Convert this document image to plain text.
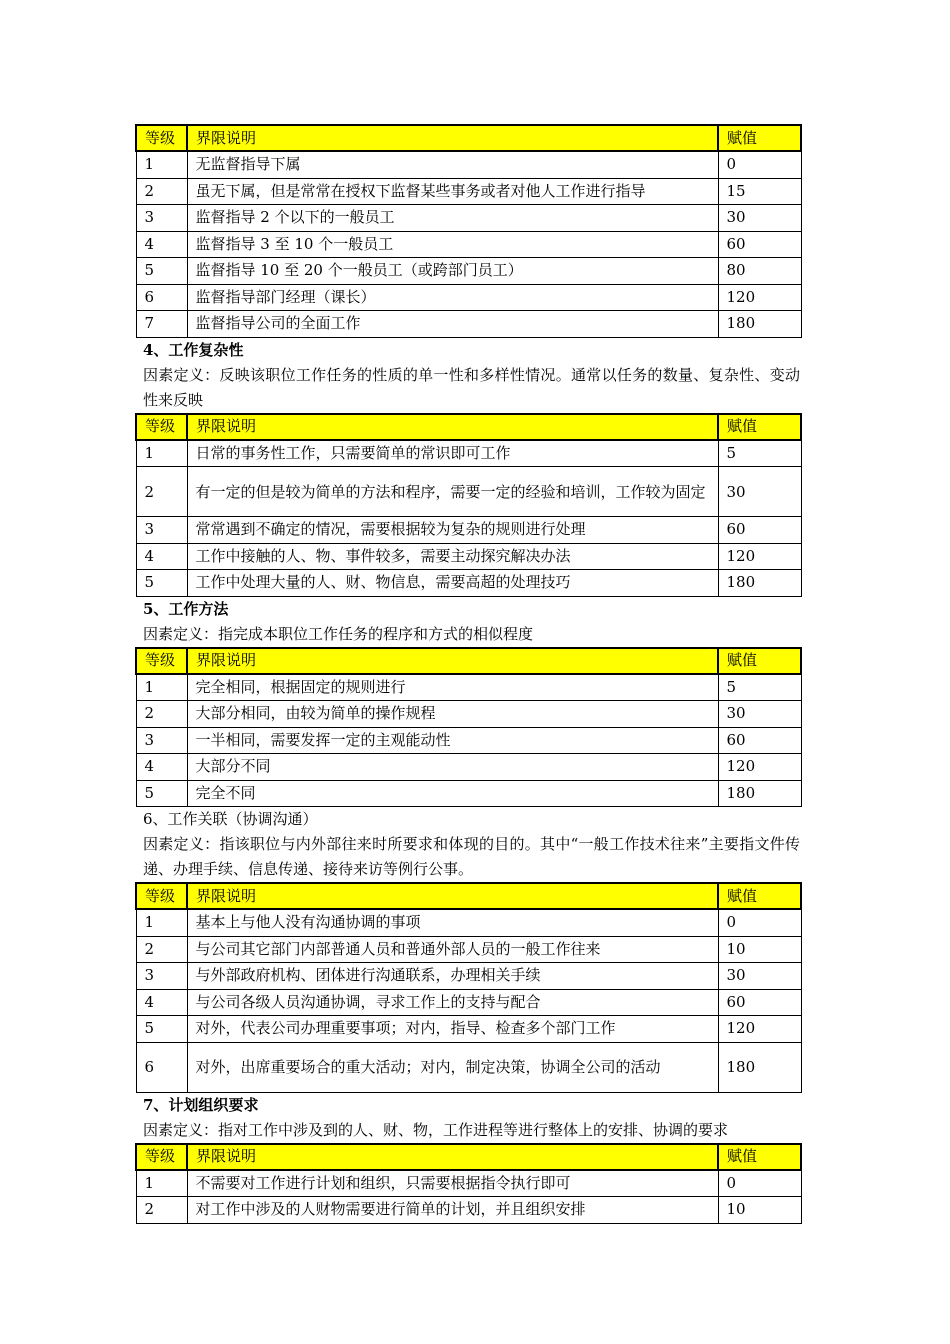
等级	界限说明	赋值
1	无监督指导下属	0
2	虽无下属，但是常常在授权下监督某些事务或者对他人工作进行指导	15
3	监督指导 2 个以下的一般员工	30
4	监督指导 3 至 10 个一般员工	60
5	监督指导 10 至 20 个一般员工（或跨部门员工）	80
6	监督指导部门经理（课长）	120
7	监督指导公司的全面工作	180
4、工作复杂性
因素定义：反映该职位工作任务的性质的单一性和多样性情况。通常以任务的数量、复杂性、变动性来反映
等级	界限说明	赋值
1	日常的事务性工作，只需要简单的常识即可工作	5
2	有一定的但是较为简单的方法和程序，需要一定的经验和培训，工作较为固定	30
3	常常遇到不确定的情况，需要根据较为复杂的规则进行处理	60
4	工作中接触的人、物、事件较多，需要主动探究解决办法	120
5	工作中处理大量的人、财、物信息，需要高超的处理技巧	180
5、工作方法
因素定义：指完成本职位工作任务的程序和方式的相似程度
等级	界限说明	赋值
1	完全相同，根据固定的规则进行	5
2	大部分相同，由较为简单的操作规程	30
3	一半相同，需要发挥一定的主观能动性	60
4	大部分不同	120
5	完全不同	180
6、工作关联（协调沟通）
因素定义：指该职位与内外部往来时所要求和体现的目的。其中“一般工作技术往来”主要指文件传递、办理手续、信息传递、接待来访等例行公事。
等级	界限说明	赋值
1	基本上与他人没有沟通协调的事项	0
2	与公司其它部门内部普通人员和普通外部人员的一般工作往来	10
3	与外部政府机构、团体进行沟通联系，办理相关手续	30
4	与公司各级人员沟通协调，寻求工作上的支持与配合	60
5	对外，代表公司办理重要事项；对内，指导、检查多个部门工作	120
6	对外，出席重要场合的重大活动；对内，制定决策，协调全公司的活动	180
7、计划组织要求
因素定义：指对工作中涉及到的人、财、物，工作进程等进行整体上的安排、协调的要求
等级	界限说明	赋值
1	不需要对工作进行计划和组织，只需要根据指令执行即可	0
2	对工作中涉及的人财物需要进行简单的计划，并且组织安排	10
